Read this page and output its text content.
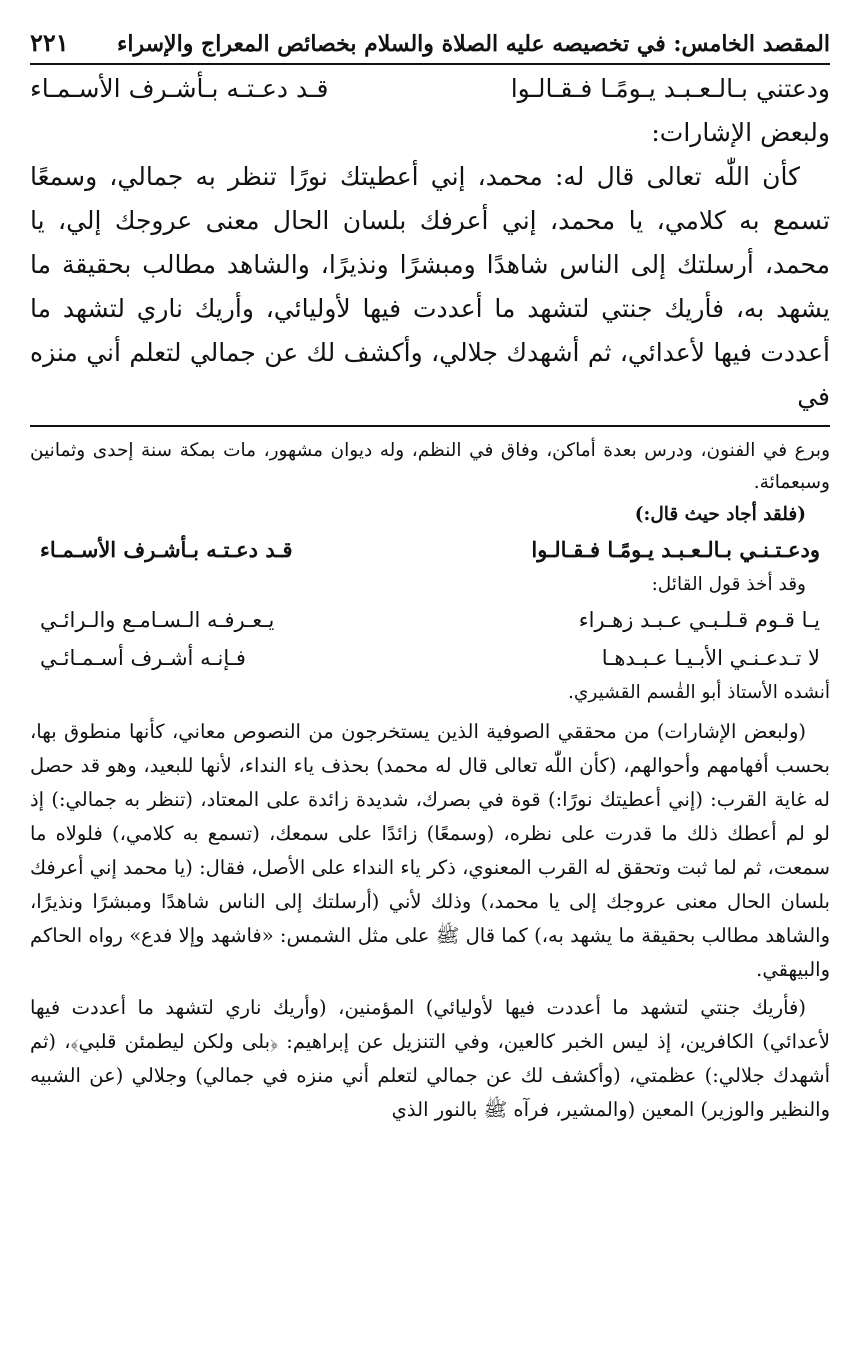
المقصد الخامس: في تخصيصه عليه الصلاة والسلام بخصائص المعراج والإسراء
٢٢١
ودعتني بـالـعـبـد يـومًـا فـقـالـوا
قـد دعـتـه بـأشـرف الأسـمـاء

ولبعض الإشارات:

كأن اللّٰه تعالى قال له: محمد، إني أعطيتك نورًا تنظر به جمالي، وسمعًا تسمع به كلامي، يا محمد، إني أعرفك بلسان الحال معنى عروجك إلي، يا محمد، أرسلتك إلى الناس شاهدًا ومبشرًا ونذيرًا، والشاهد مطالب بحقيقة ما يشهد به، فأريك جنتي لتشهد ما أعددت فيها لأوليائي، وأريك ناري لتشهد ما أعددت فيها لأعدائي، ثم أشهدك جلالي، وأكشف لك عن جمالي لتعلم أني منزه في

وبرع في الفنون، ودرس بعدة أماكن، وفاق في النظم، وله ديوان مشهور، مات بمكة سنة إحدى وثمانين وسبعمائة.

(فلقد أجاد حيث قال:)

ودعـتـنـي بـالـعـبـد يـومًـا فـقـالـوا
قـد دعـتـه بـأشـرف الأسـمـاء

وقد أخذ قول القائل:

يـا قـوم قـلـبـي عـبـد زهـراء
يـعـرفـه الـسـامـع والـرائـي
لا تـدعـنـي الأبـيـا عـبـدهـا
فـإنـه أشـرف أسـمـائـي

أنشده الأستاذ أبو القٰسم القشيري.

(ولبعض الإشارات) من محققي الصوفية الذين يستخرجون من النصوص معاني، كأنها منطوق بها، بحسب أفهامهم وأحوالهم، (كأن اللّٰه تعالى قال له محمد) بحذف ياء النداء، لأنها للبعيد، وهو قد حصل له غاية القرب: (إني أعطيتك نورًا:) قوة في بصرك، شديدة زائدة على المعتاد، (تنظر به جمالي:) إذ لو لم أعطك ذلك ما قدرت على نظره، (وسمعًا) زائدًا على سمعك، (تسمع به كلامي،) فلولاه ما سمعت، ثم لما ثبت وتحقق له القرب المعنوي، ذكر ياء النداء على الأصل، فقال: (يا محمد إني أعرفك بلسان الحال معنى عروجك إلى يا محمد،) وذلك لأني (أرسلتك إلى الناس شاهدًا ومبشرًا ونذيرًا، والشاهد مطالب بحقيقة ما يشهد به،) كما قال ﷺ على مثل الشمس: «فاشهد وإلا فدع» رواه الحاكم والبيهقي.

(فأريك جنتي لتشهد ما أعددت فيها لأوليائي) المؤمنين، (وأريك ناري لتشهد ما أعددت فيها لأعدائي) الكافرين، إذ ليس الخبر كالعين، وفي التنزيل عن إبراهيم: ﴿بلى ولكن ليطمئن قلبي﴾، (ثم أشهدك جلالي:) عظمتي، (وأكشف لك عن جمالي لتعلم أني منزه في جمالي) وجلالي (عن الشبيه والنظير والوزير) المعين (والمشير، فرآه ﷺ بالنور الذي
